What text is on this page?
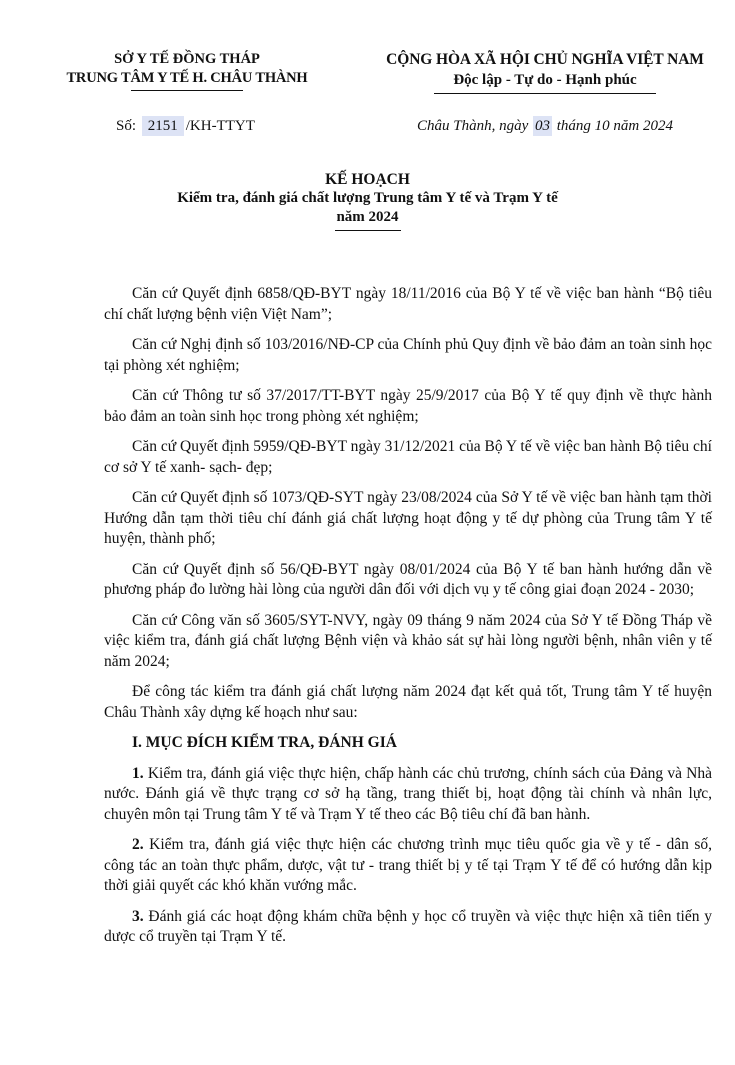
SỞ Y TẾ ĐỒNG THÁP
TRUNG TÂM Y TẾ H. CHÂU THÀNH
CỘNG HÒA XÃ HỘI CHỦ NGHĨA VIỆT NAM
Độc lập - Tự do - Hạnh phúc
Số: 2151 /KH-TTYT	Châu Thành, ngày 03 tháng 10 năm 2024
KẾ HOẠCH
Kiểm tra, đánh giá chất lượng Trung tâm Y tế và Trạm Y tế
năm 2024

Căn cứ Quyết định 6858/QĐ-BYT ngày 18/11/2016 của Bộ Y tế về việc ban hành “Bộ tiêu chí chất lượng bệnh viện Việt Nam”;

Căn cứ Nghị định số 103/2016/NĐ-CP của Chính phủ Quy định về bảo đảm an toàn sinh học tại phòng xét nghiệm;

Căn cứ Thông tư số 37/2017/TT-BYT ngày 25/9/2017 của Bộ Y tế quy định về thực hành bảo đảm an toàn sinh học trong phòng xét nghiệm;

Căn cứ Quyết định 5959/QĐ-BYT ngày 31/12/2021 của Bộ Y tế về việc ban hành Bộ tiêu chí cơ sở Y tế xanh- sạch- đẹp;

Căn cứ Quyết định số 1073/QĐ-SYT ngày 23/08/2024 của Sở Y tế về việc ban hành tạm thời Hướng dẫn tạm thời tiêu chí đánh giá chất lượng hoạt động y tế dự phòng của Trung tâm Y tế huyện, thành phố;

Căn cứ Quyết định số 56/QĐ-BYT ngày 08/01/2024 của Bộ Y tế ban hành hướng dẫn về phương pháp đo lường hài lòng của người dân đối với dịch vụ y tế công giai đoạn 2024 - 2030;

Căn cứ Công văn số 3605/SYT-NVY, ngày 09 tháng 9 năm 2024 của Sở Y tế Đồng Tháp về việc kiểm tra, đánh giá chất lượng Bệnh viện và khảo sát sự hài lòng người bệnh, nhân viên y tế năm 2024;

Để công tác kiểm tra đánh giá chất lượng năm 2024 đạt kết quả tốt, Trung tâm Y tế huyện Châu Thành xây dựng kế hoạch như sau:

I. MỤC ĐÍCH KIỂM TRA, ĐÁNH GIÁ

1. Kiểm tra, đánh giá việc thực hiện, chấp hành các chủ trương, chính sách của Đảng và Nhà nước. Đánh giá về thực trạng cơ sở hạ tầng, trang thiết bị, hoạt động tài chính và nhân lực, chuyên môn tại Trung tâm Y tế và Trạm Y tế theo các Bộ tiêu chí đã ban hành.

2. Kiểm tra, đánh giá việc thực hiện các chương trình mục tiêu quốc gia về y tế - dân số, công tác an toàn thực phẩm, dược, vật tư - trang thiết bị y tế tại Trạm Y tế để có hướng dẫn kịp thời giải quyết các khó khăn vướng mắc.

3. Đánh giá các hoạt động khám chữa bệnh y học cổ truyền và việc thực hiện xã tiên tiến y dược cổ truyền tại Trạm Y tế.
